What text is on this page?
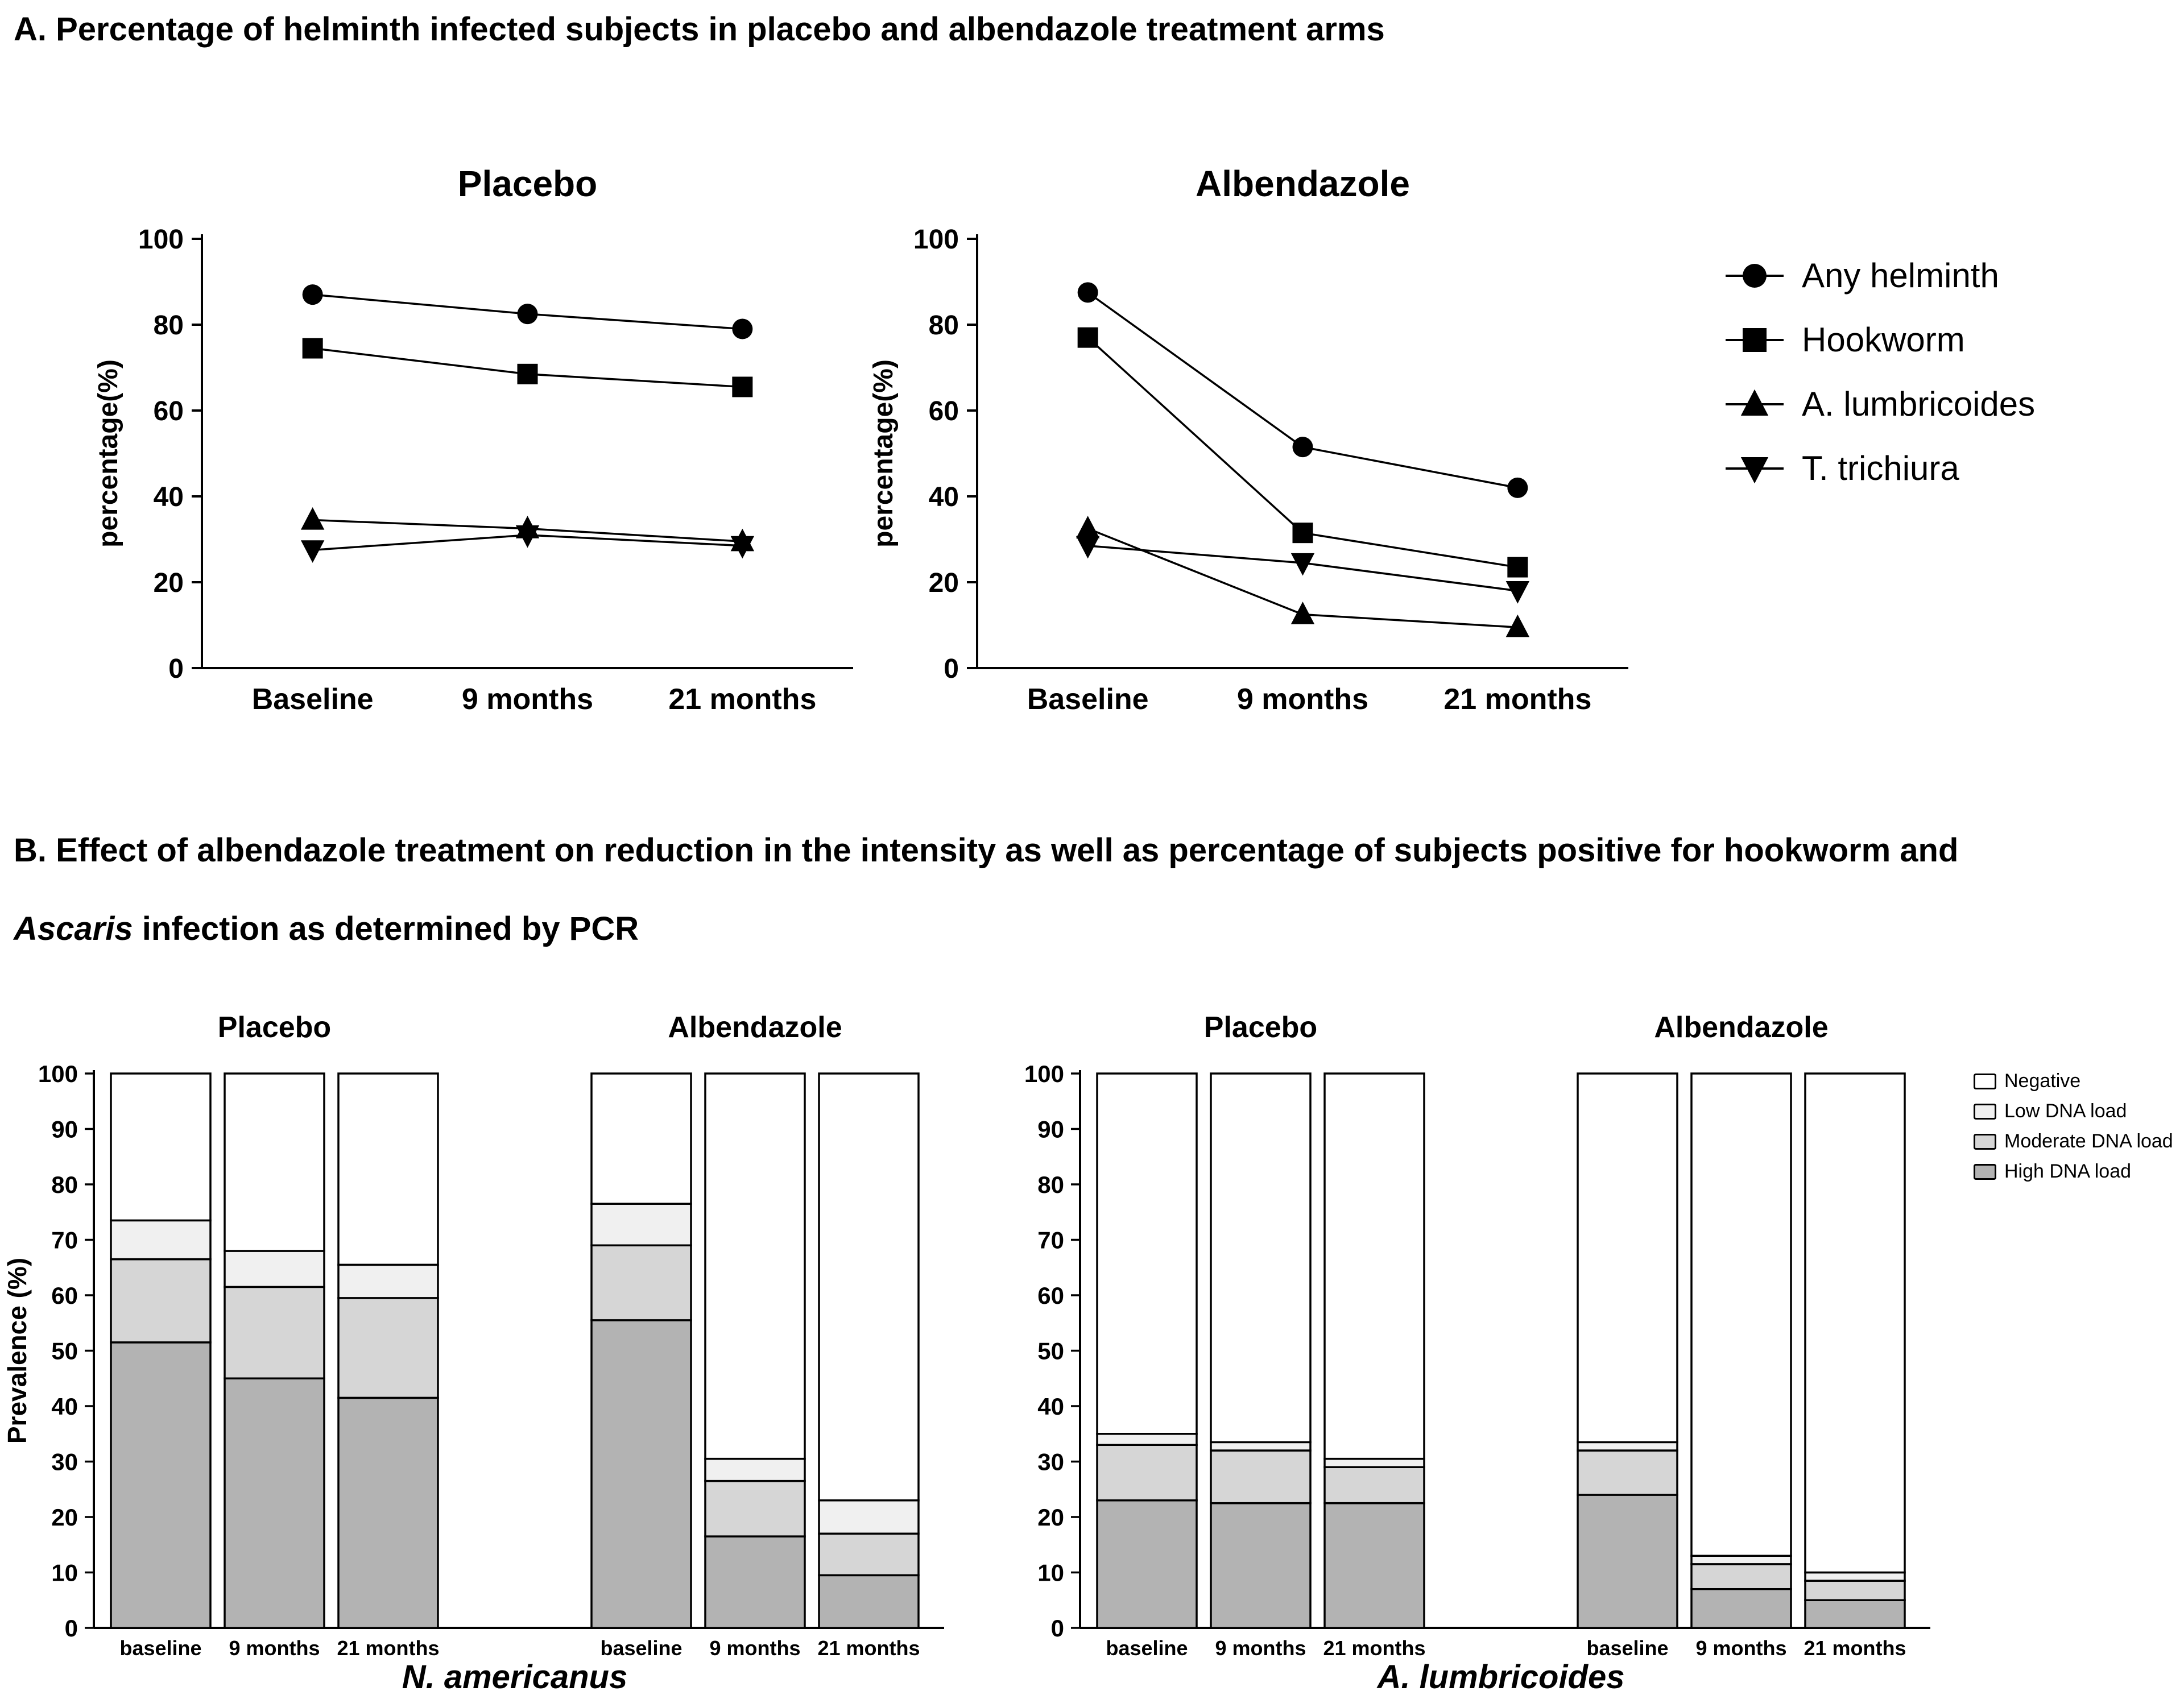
A. Percentage of helminth infected subjects in placebo and albendazole treatment arms
Placebo
0
20
40
60
80
100
percentage(%)
Baseline	9 months	21 months
Albendazole
0
20
40
60
80
100
percentage(%)
Baseline	9 months	21 months
Any helminth
Hookworm
A. lumbricoides
T. trichiura
B. Effect of albendazole treatment on reduction in the intensity as well as percentage of subjects positive for hookworm and
Ascaris infection as determined by PCR
0
10
20
30
40
50
60
70
80
90
100
Prevalence (%)
Placebo
baseline 9 months 21 months
Albendazole
baseline 9 months 21 months
N. americanus
0
10
20
30
40
50
60
70
80
90
100
Placebo
baseline 9 months 21 months
Albendazole
baseline 9 months 21 months
A. lumbricoides
Negative
Low DNA load
Moderate DNA load
High DNA load
